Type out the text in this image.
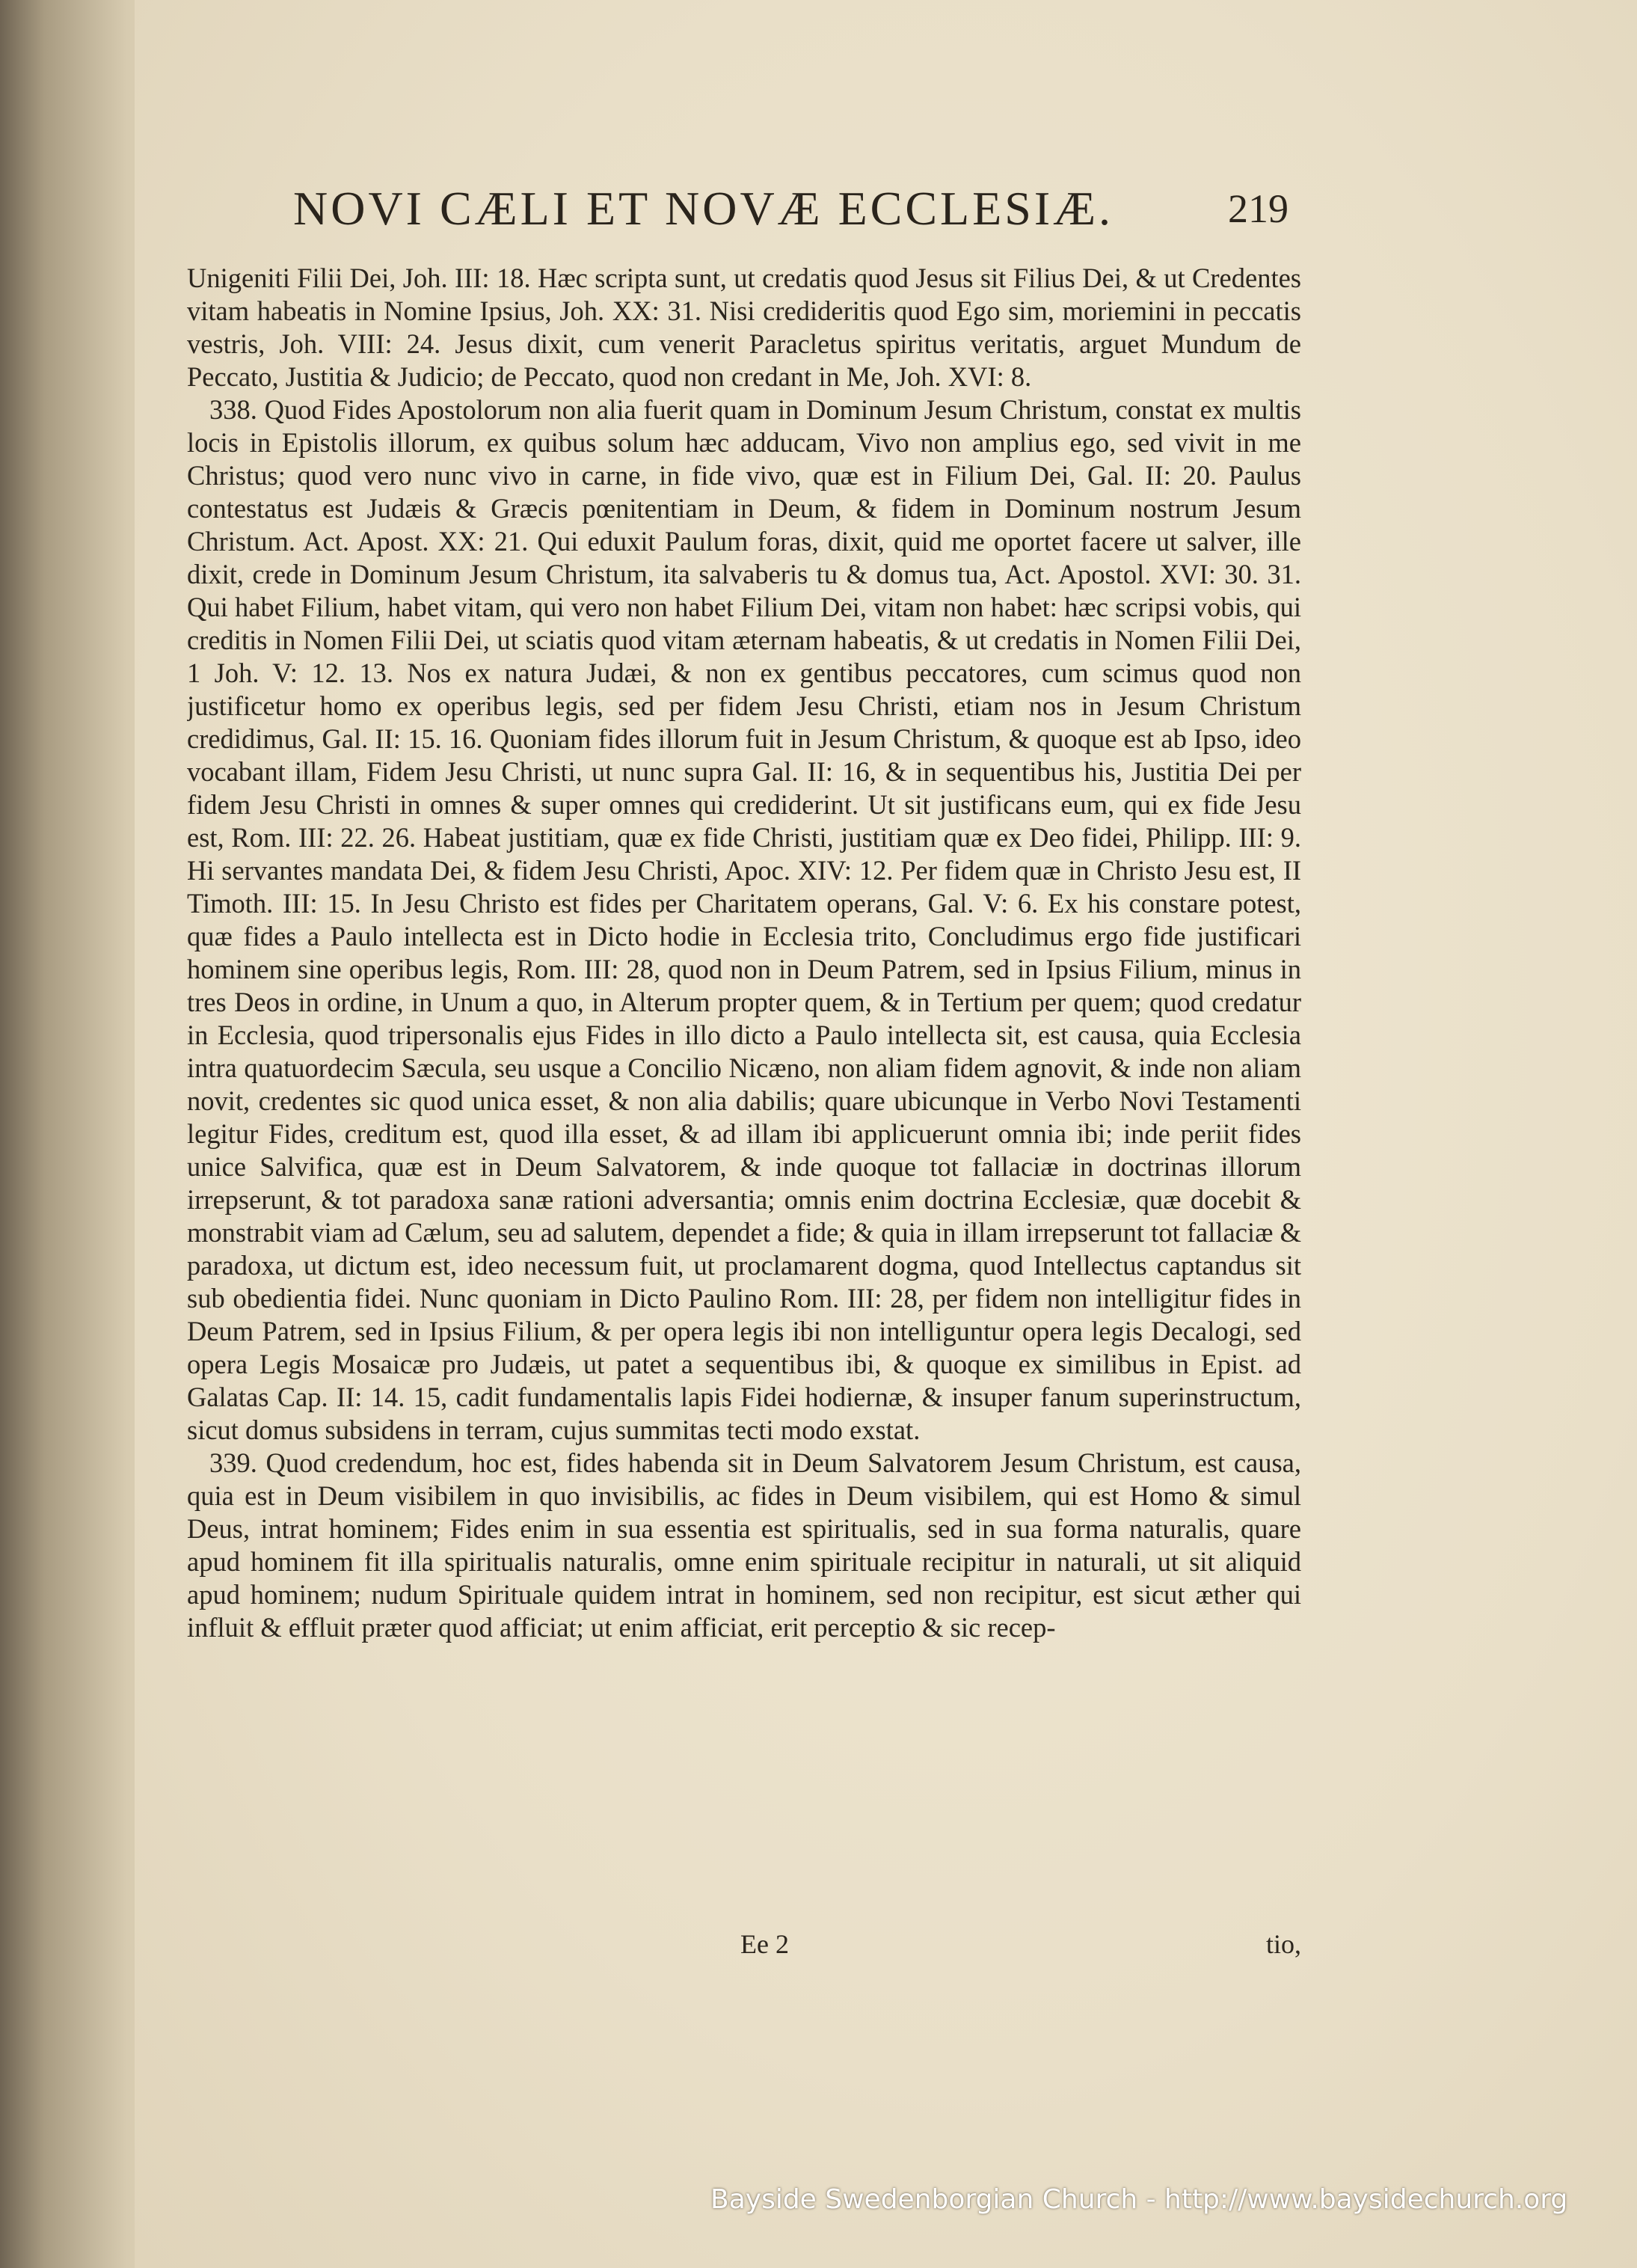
NOVI CÆLI ET NOVÆ ECCLESIÆ.	219

Unigeniti Filii Dei, Joh. III: 18. Hæc scripta sunt, ut credatis quod Jesus sit Filius Dei, & ut Credentes vitam habeatis in Nomine Ipsius, Joh. XX: 31. Nisi credideritis quod Ego sim, moriemini in peccatis vestris, Joh. VIII: 24. Jesus dixit, cum venerit Paracletus spiritus veritatis, arguet Mundum de Peccato, Justitia & Judicio; de Peccato, quod non credant in Me, Joh. XVI: 8.

338. Quod Fides Apostolorum non alia fuerit quam in Dominum Jesum Christum, constat ex multis locis in Epistolis illorum, ex quibus solum hæc adducam, Vivo non amplius ego, sed vivit in me Christus; quod vero nunc vivo in carne, in fide vivo, quæ est in Filium Dei, Gal. II: 20. Paulus contestatus est Judæis & Græcis pœnitentiam in Deum, & fidem in Dominum nostrum Jesum Christum. Act. Apost. XX: 21. Qui eduxit Paulum foras, dixit, quid me oportet facere ut salver, ille dixit, crede in Dominum Jesum Christum, ita salvaberis tu & domus tua, Act. Apostol. XVI: 30. 31. Qui habet Filium, habet vitam, qui vero non habet Filium Dei, vitam non habet: hæc scripsi vobis, qui creditis in Nomen Filii Dei, ut sciatis quod vitam æternam habeatis, & ut credatis in Nomen Filii Dei, 1 Joh. V: 12. 13. Nos ex natura Judæi, & non ex gentibus peccatores, cum scimus quod non justificetur homo ex operibus legis, sed per fidem Jesu Christi, etiam nos in Jesum Christum credidimus, Gal. II: 15. 16. Quoniam fides illorum fuit in Jesum Christum, & quoque est ab Ipso, ideo vocabant illam, Fidem Jesu Christi, ut nunc supra Gal. II: 16, & in sequentibus his, Justitia Dei per fidem Jesu Christi in omnes & super omnes qui crediderint. Ut sit justificans eum, qui ex fide Jesu est, Rom. III: 22. 26. Habeat justitiam, quæ ex fide Christi, justitiam quæ ex Deo fidei, Philipp. III: 9. Hi servantes mandata Dei, & fidem Jesu Christi, Apoc. XIV: 12. Per fidem quæ in Christo Jesu est, II Timoth. III: 15. In Jesu Christo est fides per Charitatem operans, Gal. V: 6. Ex his constare potest, quæ fides a Paulo intellecta est in Dicto hodie in Ecclesia trito, Concludimus ergo fide justificari hominem sine operibus legis, Rom. III: 28, quod non in Deum Patrem, sed in Ipsius Filium, minus in tres Deos in ordine, in Unum a quo, in Alterum propter quem, & in Tertium per quem; quod credatur in Ecclesia, quod tripersonalis ejus Fides in illo dicto a Paulo intellecta sit, est causa, quia Ecclesia intra quatuordecim Sæcula, seu usque a Concilio Nicæno, non aliam fidem agnovit, & inde non aliam novit, credentes sic quod unica esset, & non alia dabilis; quare ubicunque in Verbo Novi Testamenti legitur Fides, creditum est, quod illa esset, & ad illam ibi applicuerunt omnia ibi; inde periit fides unice Salvifica, quæ est in Deum Salvatorem, & inde quoque tot fallaciæ in doctrinas illorum irrepserunt, & tot paradoxa sanæ rationi adversantia; omnis enim doctrina Ecclesiæ, quæ docebit & monstrabit viam ad Cælum, seu ad salutem, dependet a fide; & quia in illam irrepserunt tot fallaciæ & paradoxa, ut dictum est, ideo necessum fuit, ut proclamarent dogma, quod Intellectus captandus sit sub obedientia fidei. Nunc quoniam in Dicto Paulino Rom. III: 28, per fidem non intelligitur fides in Deum Patrem, sed in Ipsius Filium, & per opera legis ibi non intelliguntur opera legis Decalogi, sed opera Legis Mosaicæ pro Judæis, ut patet a sequentibus ibi, & quoque ex similibus in Epist. ad Galatas Cap. II: 14. 15, cadit fundamentalis lapis Fidei hodiernæ, & insuper fanum superinstructum, sicut domus subsidens in terram, cujus summitas tecti modo exstat.

339. Quod credendum, hoc est, fides habenda sit in Deum Salvatorem Jesum Christum, est causa, quia est in Deum visibilem in quo invisibilis, ac fides in Deum visibilem, qui est Homo & simul Deus, intrat hominem; Fides enim in sua essentia est spiritualis, sed in sua forma naturalis, quare apud hominem fit illa spiritualis naturalis, omne enim spirituale recipitur in naturali, ut sit aliquid apud hominem; nudum Spirituale quidem intrat in hominem, sed non recipitur, est sicut æther qui influit & effluit præter quod afficiat; ut enim afficiat, erit perceptio & sic recep-

Ee 2	tio,
Bayside Swedenborgian Church - http://www.baysidechurch.org
